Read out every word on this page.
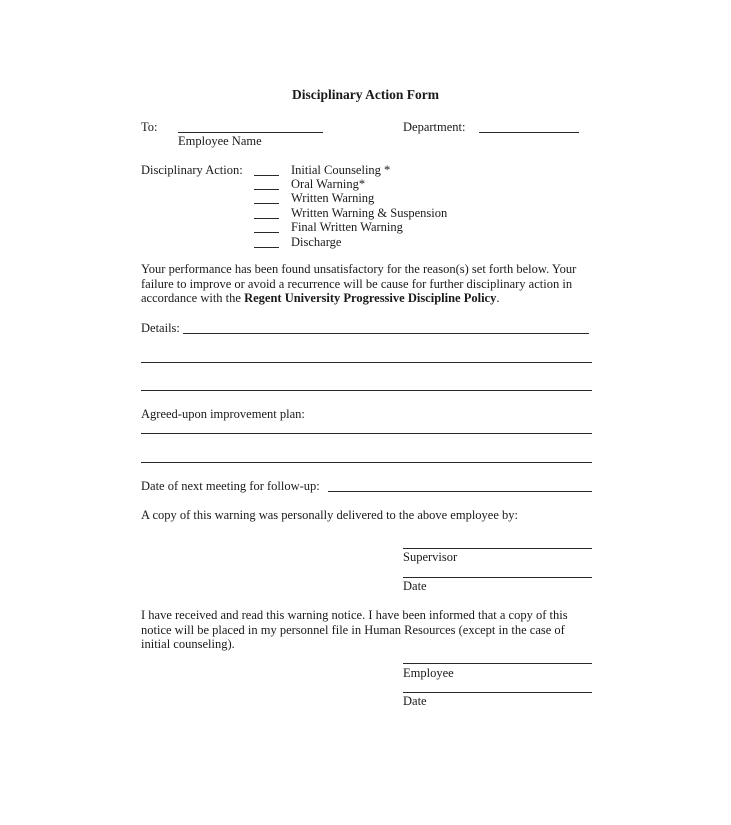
Disciplinary Action Form
To:
Employee Name
Department:
Disciplinary Action:	Initial Counseling *
Oral Warning*
Written Warning
Written Warning & Suspension
Final Written Warning
Discharge
Your performance has been found unsatisfactory for the reason(s) set forth below. Your
failure to improve or avoid a recurrence will be cause for further disciplinary action in
accordance with the Regent University Progressive Discipline Policy.
Details:
Agreed-upon improvement plan:
Date of next meeting for follow-up:
A copy of this warning was personally delivered to the above employee by:
Supervisor
Date
I have received and read this warning notice. I have been informed that a copy of this
notice will be placed in my personnel file in Human Resources (except in the case of
initial counseling).
Employee
Date
